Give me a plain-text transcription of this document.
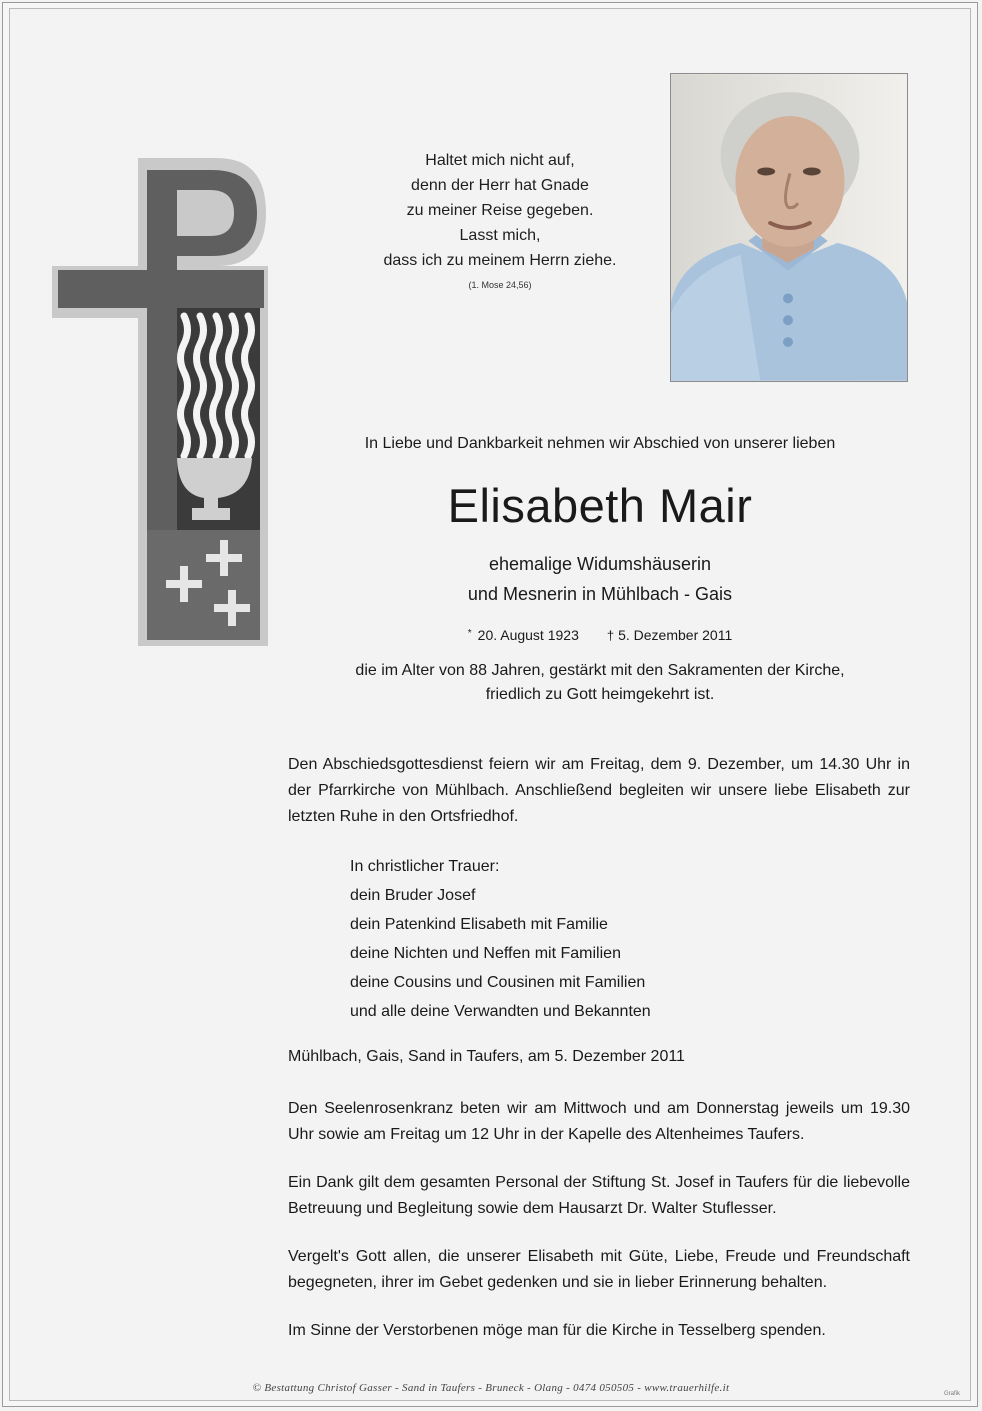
Haltet mich nicht auf,
denn der Herr hat Gnade
zu meiner Reise gegeben.
Lasst mich,
dass ich zu meinem Herrn ziehe.
(1. Mose 24,56)
In Liebe und Dankbarkeit nehmen wir Abschied von unserer lieben
Elisabeth Mair
ehemalige Widumshäuserin
und Mesnerin in Mühlbach - Gais
* 20. August 1923 † 5. Dezember 2011
die im Alter von 88 Jahren, gestärkt mit den Sakramenten der Kirche,
friedlich zu Gott heimgekehrt ist.
Den Abschiedsgottesdienst feiern wir am Freitag, dem 9. Dezember, um 14.30 Uhr in der Pfarrkirche von Mühlbach. Anschließend begleiten wir unsere liebe Elisabeth zur letzten Ruhe in den Ortsfriedhof.
In christlicher Trauer:
dein Bruder Josef
dein Patenkind Elisabeth mit Familie
deine Nichten und Neffen mit Familien
deine Cousins und Cousinen mit Familien
und alle deine Verwandten und Bekannten
Mühlbach, Gais, Sand in Taufers, am 5. Dezember 2011
Den Seelenrosenkranz beten wir am Mittwoch und am Donnerstag jeweils um 19.30 Uhr sowie am Freitag um 12 Uhr in der Kapelle des Altenheimes Taufers.
Ein Dank gilt dem gesamten Personal der Stiftung St. Josef in Taufers für die liebevolle Betreuung und Begleitung sowie dem Hausarzt Dr. Walter Stuflesser.
Vergelt's Gott allen, die unserer Elisabeth mit Güte, Liebe, Freude und Freundschaft begegneten, ihrer im Gebet gedenken und sie in lieber Erinnerung behalten.
Im Sinne der Verstorbenen möge man für die Kirche in Tesselberg spenden.
© Bestattung Christof Gasser - Sand in Taufers - Bruneck - Olang - 0474 050505 - www.trauerhilfe.it	Grafik
